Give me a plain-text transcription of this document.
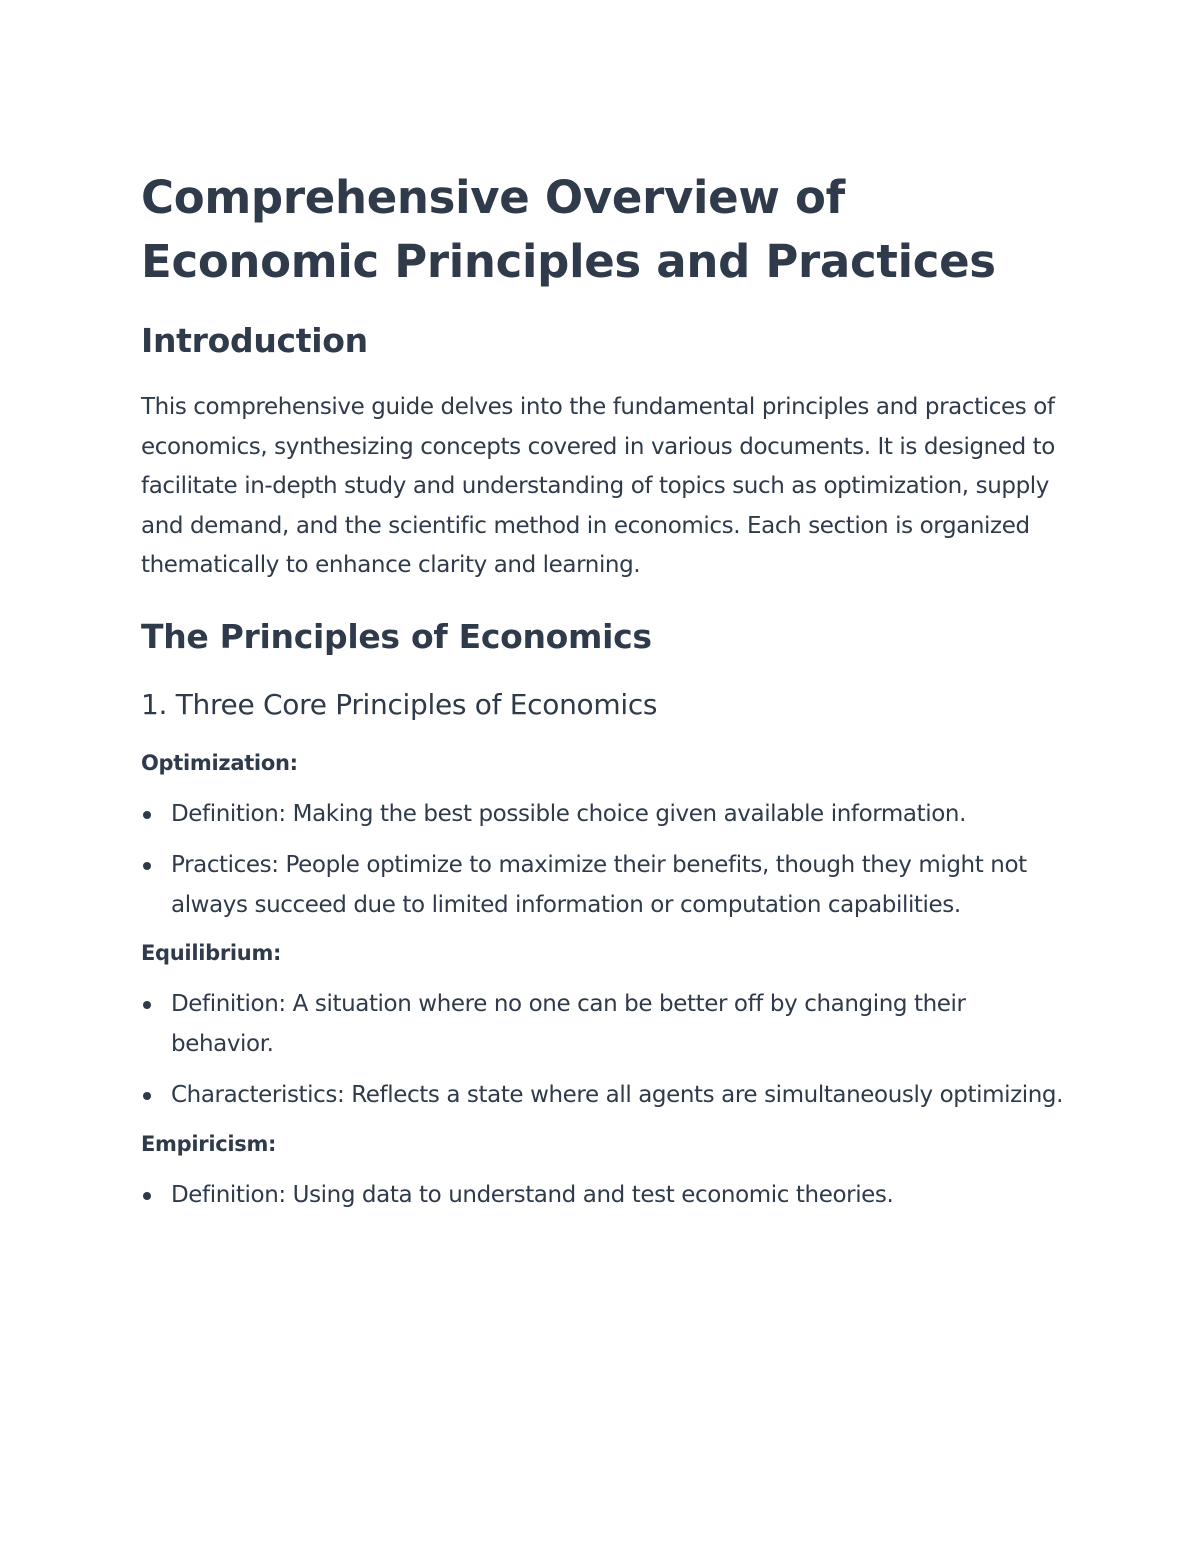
Comprehensive Overview of Economic Principles and Practices
Introduction

This comprehensive guide delves into the fundamental principles and practices of economics, synthesizing concepts covered in various documents. It is designed to facilitate in-depth study and understanding of topics such as optimization, supply and demand, and the scientific method in economics. Each section is organized thematically to enhance clarity and learning.

The Principles of Economics
1. Three Core Principles of Economics

Optimization:

Definition: Making the best possible choice given available information.
Practices: People optimize to maximize their benefits, though they might not always succeed due to limited information or computation capabilities.

Equilibrium:

Definition: A situation where no one can be better off by changing their behavior.
Characteristics: Reflects a state where all agents are simultaneously optimizing.

Empiricism:

Definition: Using data to understand and test economic theories.
